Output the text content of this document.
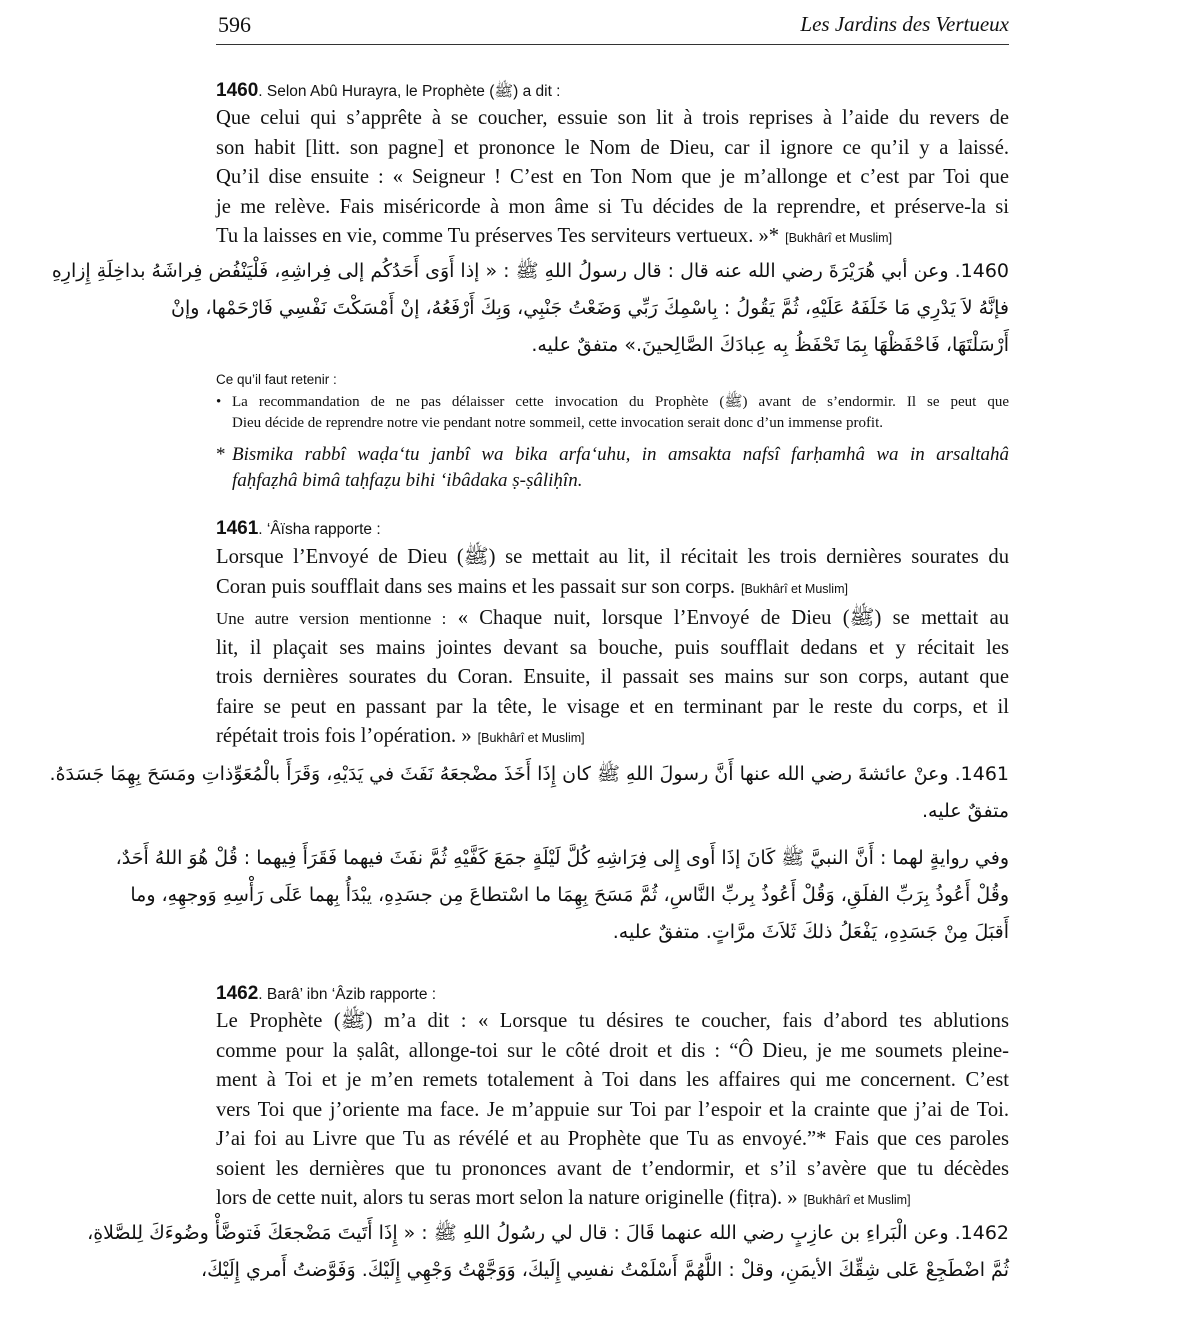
596	Les Jardins des Vertueux
1460. Selon Abû Hurayra, le Prophète (ﷺ) a dit :
Que celui qui s’apprête à se coucher, essuie son lit à trois reprises à l’aide du revers de
son habit [litt. son pagne] et prononce le Nom de Dieu, car il ignore ce qu’il y a laissé.
Qu’il dise ensuite : « Seigneur ! C’est en Ton Nom que je m’allonge et c’est par Toi que
je me relève. Fais miséricorde à mon âme si Tu décides de la reprendre, et préserve-la si
Tu la laisses en vie, comme Tu préserves Tes serviteurs vertueux. »* [Bukhârî et Muslim]
1460. وعن أبي هُرَيْرَةَ رضي الله عنه قال : قال رسولُ اللهِ ﷺ : « إذا أَوَى أَحَدُكُم إلى فِراشِهِ، فَلْيَنْفُض فِراشَهُ بداخِلَةِ إِزارِهِ
فإنَّهُ لاَ يَدْرِي مَا خَلَفَهُ عَلَيْهِ، ثُمَّ يَقُولُ : بِاسْمِكَ رَبِّي وَضَعْتُ جَنْبِي، وَبِكَ أَرْفَعُهُ، إنْ أَمْسَكْتَ نَفْسِي فَارْحَمْها، وإنْ
أَرْسَلْتَهَا، فَاحْفَظْهَا بِمَا تَحْفَظُ بِه عِبادَكَ الصَّالِحينَ.» متفقٌ عليه.
Ce qu’il faut retenir :
• La recommandation de ne pas délaisser cette invocation du Prophète (ﷺ) avant de s’endormir. Il se peut que
Dieu décide de reprendre notre vie pendant notre sommeil, cette invocation serait donc d’un immense profit.
* Bismika rabbî waḍa‘tu janbî wa bika arfa‘uhu, in amsakta nafsî farḥamhâ wa in arsaltahâ
faḥfaẓhâ bimâ taḥfaẓu bihi ‘ibâdaka ṣ-ṣâliḥîn.
1461. ‘Âïsha rapporte :
Lorsque l’Envoyé de Dieu (ﷺ) se mettait au lit, il récitait les trois dernières sourates du
Coran puis soufflait dans ses mains et les passait sur son corps. [Bukhârî et Muslim]
Une autre version mentionne : « Chaque nuit, lorsque l’Envoyé de Dieu (ﷺ) se mettait au
lit, il plaçait ses mains jointes devant sa bouche, puis soufflait dedans et y récitait les
trois dernières sourates du Coran. Ensuite, il passait ses mains sur son corps, autant que
faire se peut en passant par la tête, le visage et en terminant par le reste du corps, et il
répétait trois fois l’opération. » [Bukhârî et Muslim]
1461. وعنْ عائشةَ رضي الله عنها أَنَّ رسولَ اللهِ ﷺ كان إِذَا أَخَذَ مضْجعَهُ نَفَثَ في يَدَيْهِ، وَقَرَأَ بالْمُعَوِّذاتِ ومَسَحَ بِهِمَا جَسَدَهُ.
متفقٌ عليه.
وفي روايةٍ لهما : أَنَّ النبيَّ ﷺ كَانَ إذَا أَوى إِلى فِرَاشِهِ كُلَّ لَيْلَةٍ جمَعَ كَفَّيْهِ ثُمَّ نفَثَ فيهما فَقَرَأَ فِيهما : قُلْ هُوَ اللهُ أَحَدٌ،
وقُلْ أَعُوذُ بِرَبِّ الفلَقِ، وَقُلْ أَعُوذُ بِربِّ النَّاسِ، ثُمَّ مَسَحَ بِهِمَا ما اسْتطاعَ مِن جسَدِهِ، يبْدَأُ بِهما عَلَى رَأْسِهِ وَوجهِهِ، وما
أَقبَلَ مِنْ جَسَدِهِ، يَفْعَلُ ذلكَ ثَلاَثَ مرَّاتٍ. متفقٌ عليه.
1462. Barâ’ ibn ‘Âzib rapporte :
Le Prophète (ﷺ) m’a dit : « Lorsque tu désires te coucher, fais d’abord tes ablutions
comme pour la ṣalât, allonge-toi sur le côté droit et dis : “Ô Dieu, je me soumets pleine-
ment à Toi et je m’en remets totalement à Toi dans les affaires qui me concernent. C’est
vers Toi que j’oriente ma face. Je m’appuie sur Toi par l’espoir et la crainte que j’ai de Toi.
J’ai foi au Livre que Tu as révélé et au Prophète que Tu as envoyé.”* Fais que ces paroles
soient les dernières que tu prononces avant de t’endormir, et s’il s’avère que tu décèdes
lors de cette nuit, alors tu seras mort selon la nature originelle (fiṭra). » [Bukhârî et Muslim]
1462. وعن الْبَراءِ بن عازِبٍ رضي الله عنهما قَالَ : قال لي رسُولُ اللهِ ﷺ : « إِذَا أَتَيتَ مَضْجعَكَ فَتوضَّأْ وضُوءَكَ لِلصَّلاةِ،
ثُمَّ اضْطَجِعْ عَلى شِقِّكَ الأيمَنِ، وقلْ : اللَّهُمَّ أَسْلَمْتُ نفسِي إِلَيكَ، وَوَجَّهْتُ وَجْهِي إِلَيْكَ. وَفَوَّضتُ أَمري إِلَيْكَ،
